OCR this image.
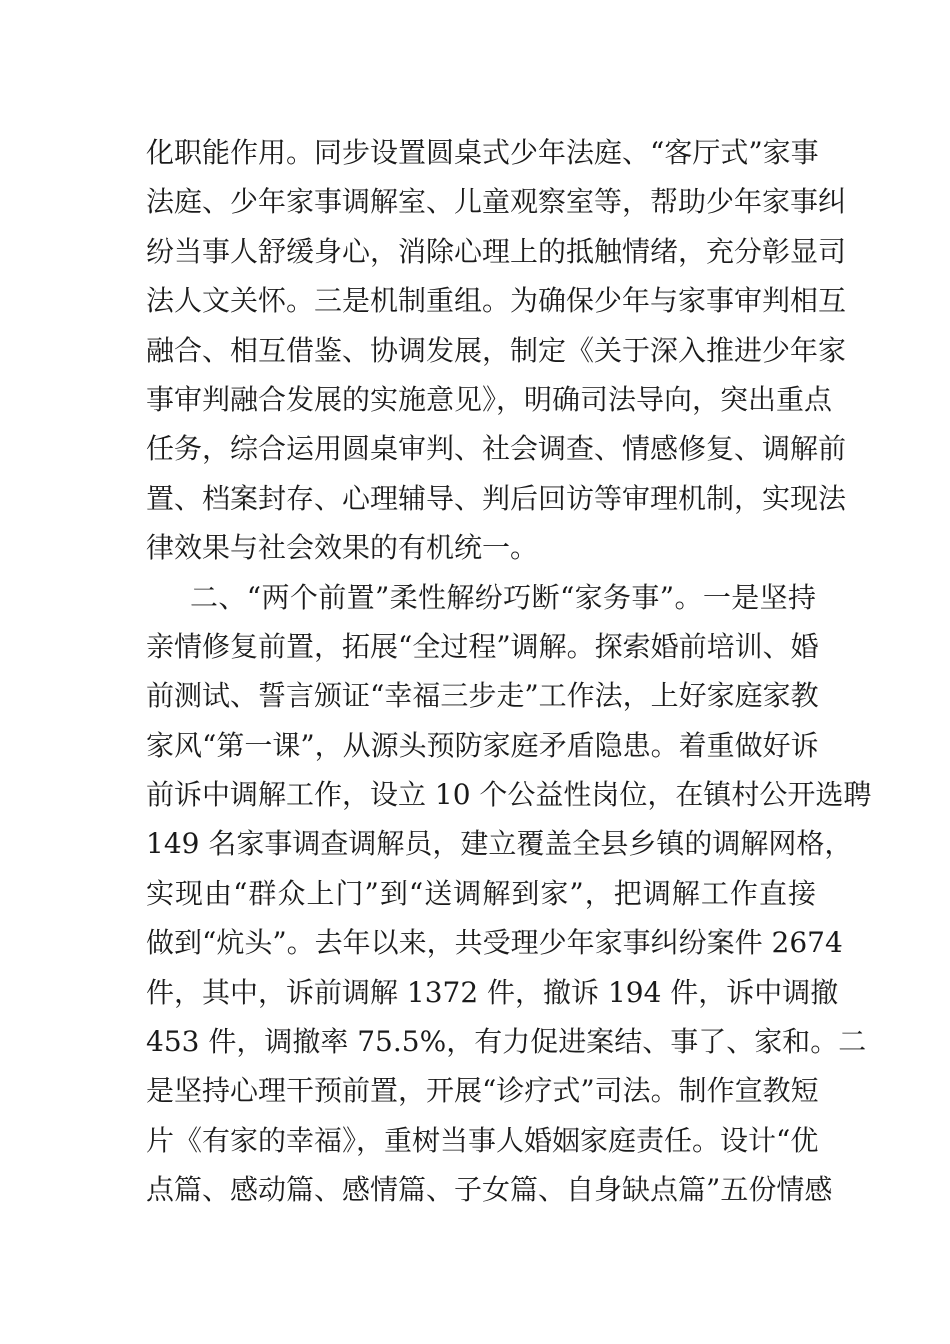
化职能作用。同步设置圆桌式少年法庭、“客厅式”家事
法庭、少年家事调解室、儿童观察室等，帮助少年家事纠
纷当事人舒缓身心，消除心理上的抵触情绪，充分彰显司
法人文关怀。三是机制重组。为确保少年与家事审判相互
融合、相互借鉴、协调发展，制定《关于深入推进少年家
事审判融合发展的实施意见》，明确司法导向，突出重点
任务，综合运用圆桌审判、社会调查、情感修复、调解前
置、档案封存、心理辅导、判后回访等审理机制，实现法
律效果与社会效果的有机统一。
二、“两个前置”柔性解纷巧断“家务事”。一是坚持
亲情修复前置，拓展“全过程”调解。探索婚前培训、婚
前测试、誓言颁证“幸福三步走”工作法，上好家庭家教
家风“第一课”，从源头预防家庭矛盾隐患。着重做好诉
前诉中调解工作，设立 10 个公益性岗位，在镇村公开选聘
149 名家事调查调解员，建立覆盖全县乡镇的调解网格，
实现由“群众上门”到“送调解到家”，把调解工作直接
做到“炕头”。去年以来，共受理少年家事纠纷案件 2674
件，其中，诉前调解 1372 件，撤诉 194 件，诉中调撤
453 件，调撤率 75.5%，有力促进案结、事了、家和。二
是坚持心理干预前置，开展“诊疗式”司法。制作宣教短
片《有家的幸福》，重树当事人婚姻家庭责任。设计“优
点篇、感动篇、感情篇、子女篇、自身缺点篇”五份情感
